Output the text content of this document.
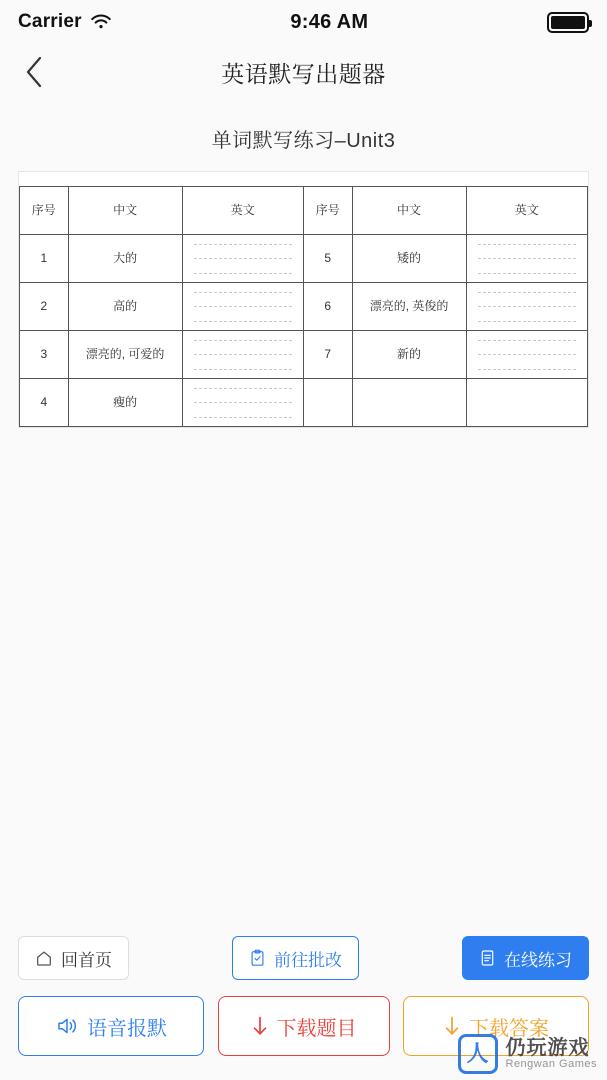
Carrier	9:46 AM
英语默写出题器
单词默写练习–Unit3
序号	中文	英文	序号	中文	英文
1	大的		5	矮的	

2	高的		6	漂亮的, 英俊的	

3	漂亮的, 可爱的		7	新的	

4	瘦的	

回首页	前往批改	在线练习
语音报默	下载题目	下载答案
人 仍玩游戏
Rengwan Games
